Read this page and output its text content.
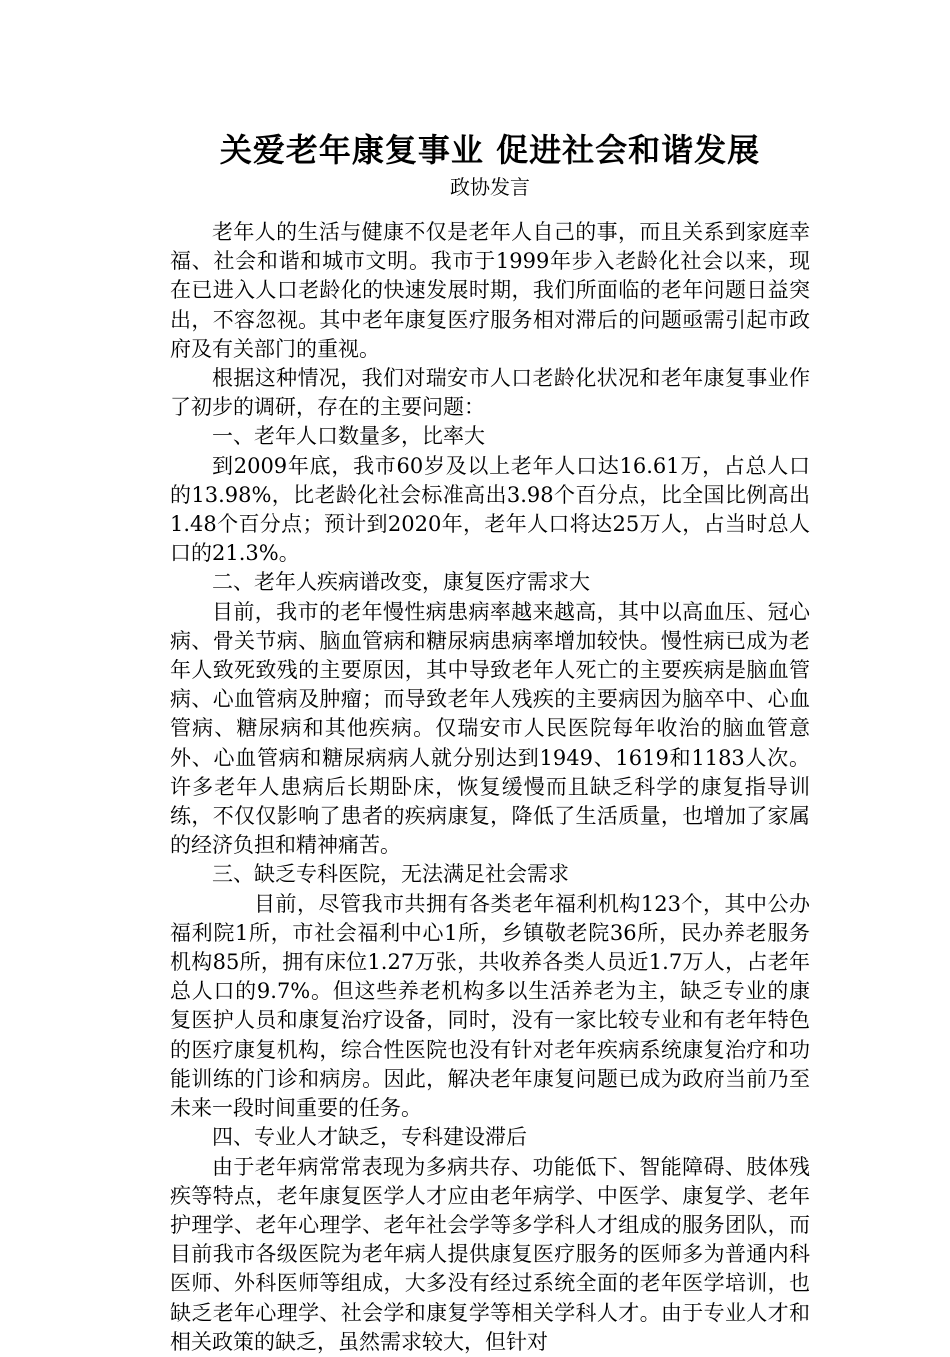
关爱老年康复事业 促进社会和谐发展
政协发言

老年人的生活与健康不仅是老年人自己的事，而且关系到家庭幸福、社会和谐和城市文明。我市于1999年步入老龄化社会以来，现在已进入人口老龄化的快速发展时期，我们所面临的老年问题日益突出，不容忽视。其中老年康复医疗服务相对滞后的问题亟需引起市政府及有关部门的重视。

根据这种情况，我们对瑞安市人口老龄化状况和老年康复事业作了初步的调研，存在的主要问题：

一、老年人口数量多，比率大

到2009年底，我市60岁及以上老年人口达16.61万，占总人口的13.98%，比老龄化社会标准高出3.98个百分点，比全国比例高出1.48个百分点；预计到2020年，老年人口将达25万人，占当时总人口的21.3%。

二、老年人疾病谱改变，康复医疗需求大

目前，我市的老年慢性病患病率越来越高，其中以高血压、冠心病、骨关节病、脑血管病和糖尿病患病率增加较快。慢性病已成为老年人致死致残的主要原因，其中导致老年人死亡的主要疾病是脑血管病、心血管病及肿瘤；而导致老年人残疾的主要病因为脑卒中、心血管病、糖尿病和其他疾病。仅瑞安市人民医院每年收治的脑血管意外、心血管病和糖尿病病人就分别达到1949、1619和1183人次。许多老年人患病后长期卧床，恢复缓慢而且缺乏科学的康复指导训练，不仅仅影响了患者的疾病康复，降低了生活质量，也增加了家属的经济负担和精神痛苦。

三、缺乏专科医院，无法满足社会需求

目前，尽管我市共拥有各类老年福利机构123个，其中公办福利院1所，市社会福利中心1所，乡镇敬老院36所，民办养老服务机构85所，拥有床位1.27万张，共收养各类人员近1.7万人，占老年总人口的9.7%。但这些养老机构多以生活养老为主，缺乏专业的康复医护人员和康复治疗设备，同时，没有一家比较专业和有老年特色的医疗康复机构，综合性医院也没有针对老年疾病系统康复治疗和功能训练的门诊和病房。因此，解决老年康复问题已成为政府当前乃至未来一段时间重要的任务。

四、专业人才缺乏，专科建设滞后

由于老年病常常表现为多病共存、功能低下、智能障碍、肢体残疾等特点，老年康复医学人才应由老年病学、中医学、康复学、老年护理学、老年心理学、老年社会学等多学科人才组成的服务团队，而目前我市各级医院为老年病人提供康复医疗服务的医师多为普通内科医师、外科医师等组成，大多没有经过系统全面的老年医学培训，也缺乏老年心理学、社会学和康复学等相关学科人才。由于专业人才和相关政策的缺乏，虽然需求较大，但针对
